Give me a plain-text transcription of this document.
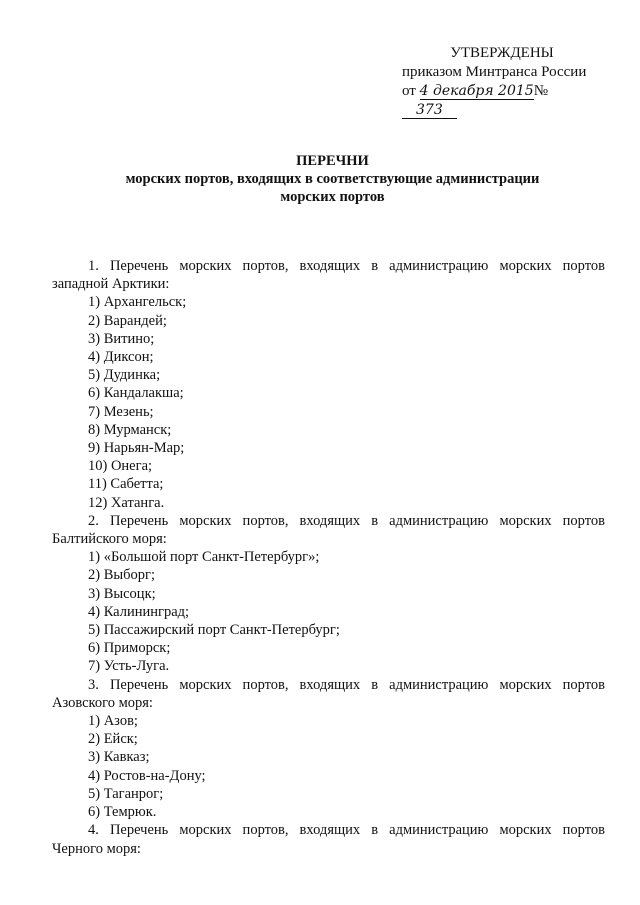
УТВЕРЖДЕНЫ
приказом Минтранса России
от 4 декабря 2015№ 373
ПЕРЕЧНИ
морских портов, входящих в соответствующие администрации
морских портов
1. Перечень морских портов, входящих в администрацию морских портов
западной Арктики:
1) Архангельск;
2) Варандей;
3) Витино;
4) Диксон;
5) Дудинка;
6) Кандалакша;
7) Мезень;
8) Мурманск;
9) Нарьян-Мар;
10) Онега;
11) Сабетта;
12) Хатанга.
2. Перечень морских портов, входящих в администрацию морских портов
Балтийского моря:
1) «Большой порт Санкт-Петербург»;
2) Выборг;
3) Высоцк;
4) Калининград;
5) Пассажирский порт Санкт-Петербург;
6) Приморск;
7) Усть-Луга.
3. Перечень морских портов, входящих в администрацию морских портов
Азовского моря:
1) Азов;
2) Ейск;
3) Кавказ;
4) Ростов-на-Дону;
5) Таганрог;
6) Темрюк.
4. Перечень морских портов, входящих в администрацию морских портов
Черного моря:
